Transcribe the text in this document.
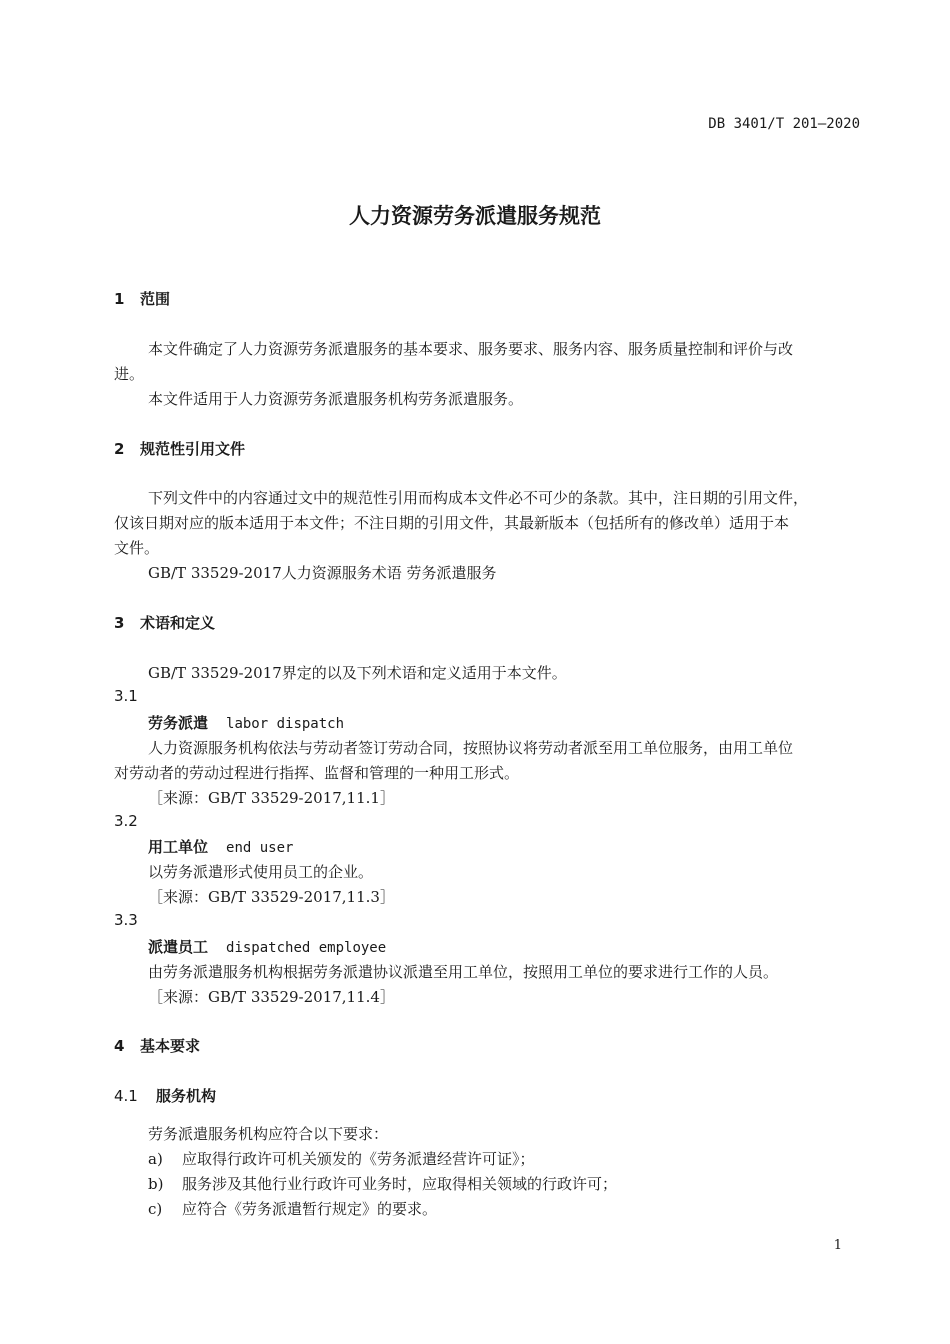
DB 3401/T 201—2020
人力资源劳务派遣服务规范
1 范围
本文件确定了人力资源劳务派遣服务的基本要求、服务要求、服务内容、服务质量控制和评价与改
进。
本文件适用于人力资源劳务派遣服务机构劳务派遣服务。
2 规范性引用文件
下列文件中的内容通过文中的规范性引用而构成本文件必不可少的条款。其中，注日期的引用文件，
仅该日期对应的版本适用于本文件；不注日期的引用文件，其最新版本（包括所有的修改单）适用于本
文件。
GB/T 33529-2017人力资源服务术语 劳务派遣服务
3 术语和定义
GB/T 33529-2017界定的以及下列术语和定义适用于本文件。
3.1
劳务派遣 labor dispatch
人力资源服务机构依法与劳动者签订劳动合同，按照协议将劳动者派至用工单位服务，由用工单位
对劳动者的劳动过程进行指挥、监督和管理的一种用工形式。
［来源：GB/T 33529-2017,11.1］
3.2
用工单位 end user
以劳务派遣形式使用员工的企业。
［来源：GB/T 33529-2017,11.3］
3.3
派遣员工 dispatched employee
由劳务派遣服务机构根据劳务派遣协议派遣至用工单位，按照用工单位的要求进行工作的人员。
［来源：GB/T 33529-2017,11.4］
4 基本要求
4.1 服务机构
劳务派遣服务机构应符合以下要求：
a) 应取得行政许可机关颁发的《劳务派遣经营许可证》；
b) 服务涉及其他行业行政许可业务时，应取得相关领域的行政许可；
c) 应符合《劳务派遣暂行规定》的要求。
1
